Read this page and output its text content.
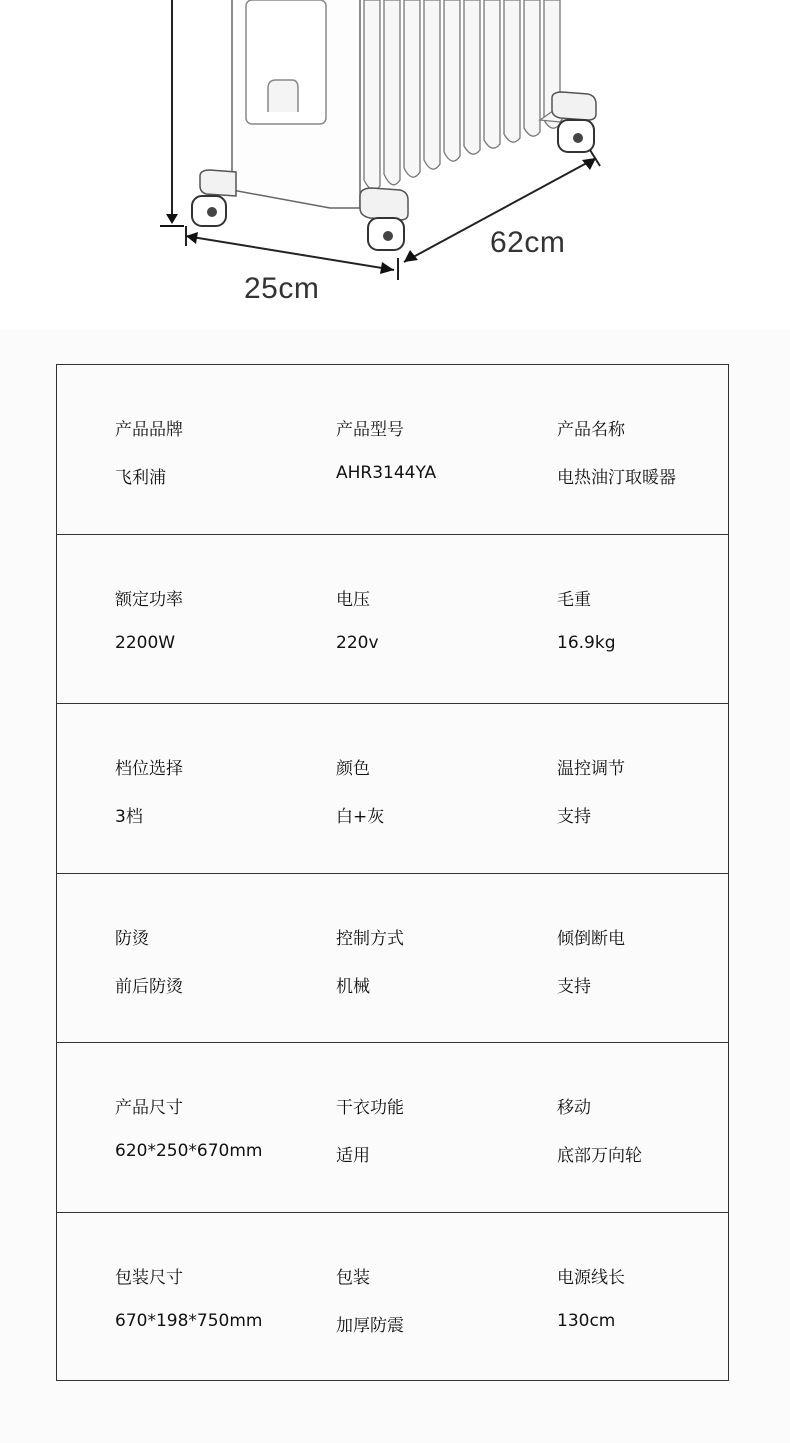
25cm
62cm
产品品牌
飞利浦
产品型号
AHR3144YA
产品名称
电热油汀取暖器
额定功率
2200W
电压
220v
毛重
16.9kg
档位选择
3档
颜色
白+灰
温控调节
支持
防烫
前后防烫
控制方式
机械
倾倒断电
支持
产品尺寸
620*250*670mm
干衣功能
适用
移动
底部万向轮
包装尺寸
670*198*750mm
包装
加厚防震
电源线长
130cm
